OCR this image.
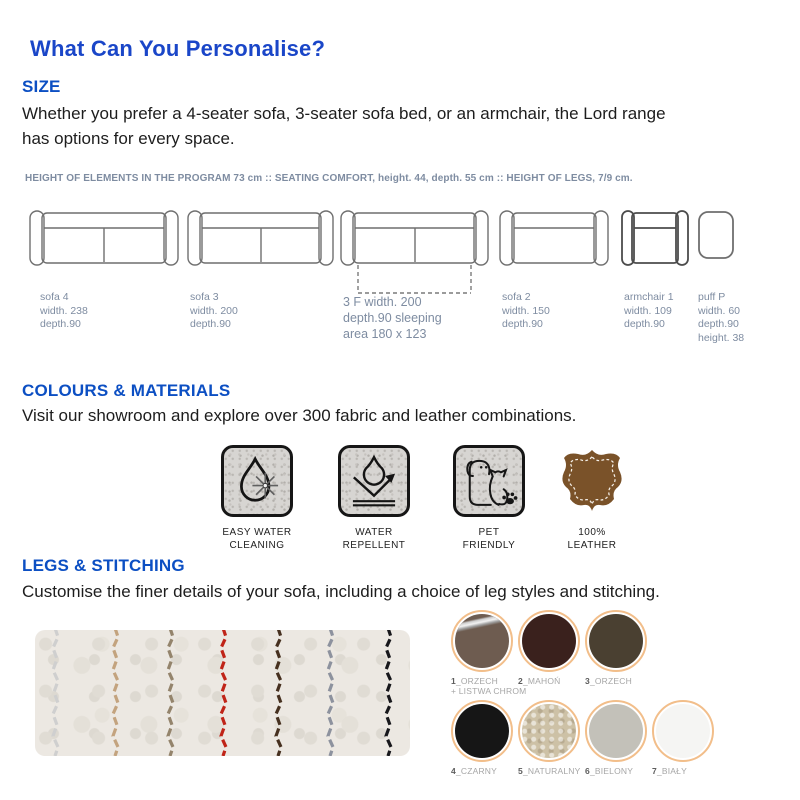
What Can You Personalise?
SIZE

Whether you prefer a 4-seater sofa, 3-seater sofa bed, or an armchair, the Lord range has options for every space.

HEIGHT OF ELEMENTS IN THE PROGRAM 73 cm :: SEATING COMFORT, height. 44, depth. 55 cm :: HEIGHT OF LEGS, 7/9 cm.
sofa 4
width. 238
depth.90
sofa 3
width. 200
depth.90
3 F width. 200
depth.90 sleeping
area 180 x 123
sofa 2
width. 150
depth.90
armchair 1
width. 109
depth.90
puff P
width. 60
depth.90
height. 38
COLOURS & MATERIALS

Visit our showroom and explore over 300 fabric and leather combinations.

EASY WATER
CLEANING
WATER
REPELLENT
PET
FRIENDLY
100%
LEATHER
LEGS & STITCHING

Customise the finer details of your sofa, including a choice of leg styles and stitching.

1_ORZECH
+ LISTWA CHROM
2_MAHOŃ	3_ORZECH
4_CZARNY	5_NATURALNY 6_BIELONY	7_BIAŁY
